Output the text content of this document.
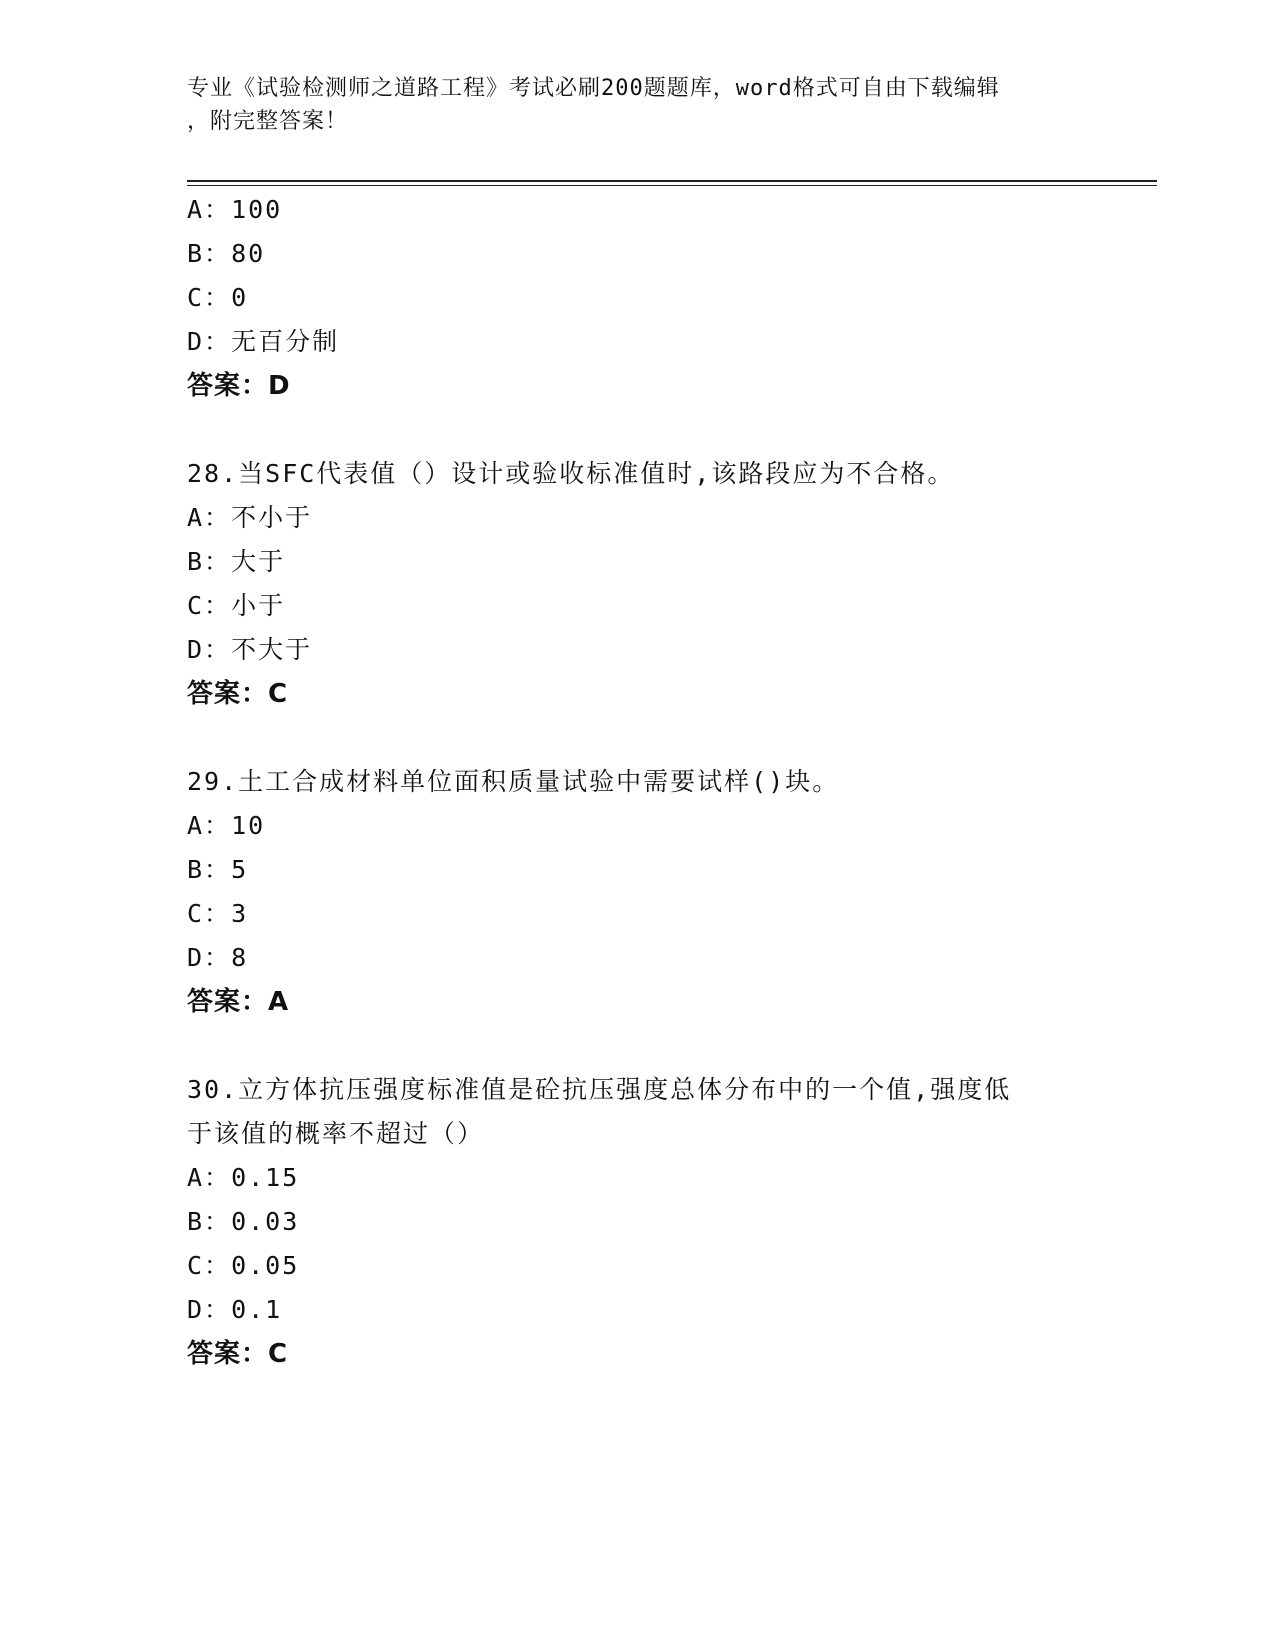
专业《试验检测师之道路工程》考试必刷200题题库，word格式可自由下载编辑
，附完整答案！
A：100
B：80
C：0
D：无百分制
答案：D
28.当SFC代表值（）设计或验收标准值时,该路段应为不合格。
A：不小于
B：大于
C：小于
D：不大于
答案：C
29.土工合成材料单位面积质量试验中需要试样()块。
A：10
B：5
C：3
D：8
答案：A
30.立方体抗压强度标准值是砼抗压强度总体分布中的一个值,强度低
于该值的概率不超过（）
A：0.15
B：0.03
C：0.05
D：0.1
答案：C
